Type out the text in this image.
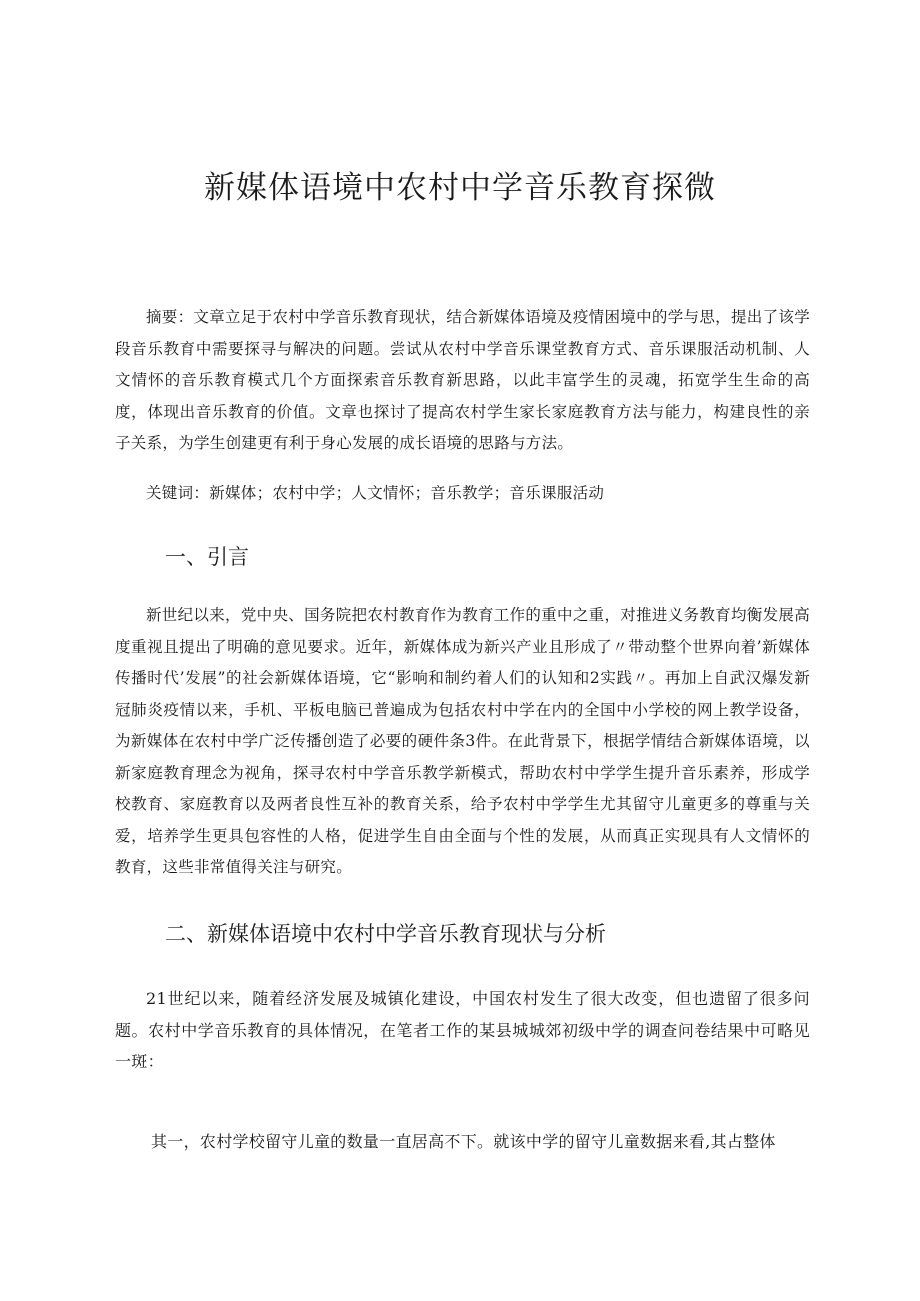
新媒体语境中农村中学音乐教育探微

摘要：文章立足于农村中学音乐教育现状，结合新媒体语境及疫情困境中的学与思，提出了该学段音乐教育中需要探寻与解决的问题。尝试从农村中学音乐课堂教育方式、音乐课服活动机制、人文情怀的音乐教育模式几个方面探索音乐教育新思路，以此丰富学生的灵魂，拓宽学生生命的高度，体现出音乐教育的价值。文章也探讨了提高农村学生家长家庭教育方法与能力，构建良性的亲子关系，为学生创建更有利于身心发展的成长语境的思路与方法。

关键词：新媒体；农村中学；人文情怀；音乐教学；音乐课服活动

一、引言

新世纪以来，党中央、国务院把农村教育作为教育工作的重中之重，对推进义务教育均衡发展高度重视且提出了明确的意见要求。近年，新媒体成为新兴产业且形成了〃带动整个世界向着’新媒体传播时代’发展”的社会新媒体语境，它“影响和制约着人们的认知和2实践〃。再加上自武汉爆发新冠肺炎疫情以来，手机、平板电脑已普遍成为包括农村中学在内的全国中小学校的网上教学设备，为新媒体在农村中学广泛传播创造了必要的硬件条3件。在此背景下，根据学情结合新媒体语境，以新家庭教育理念为视角，探寻农村中学音乐教学新模式，帮助农村中学学生提升音乐素养，形成学校教育、家庭教育以及两者良性互补的教育关系，给予农村中学学生尤其留守儿童更多的尊重与关爱，培养学生更具包容性的人格，促进学生自由全面与个性的发展，从而真正实现具有人文情怀的教育，这些非常值得关注与研究。

二、新媒体语境中农村中学音乐教育现状与分析

21世纪以来，随着经济发展及城镇化建设，中国农村发生了很大改变，但也遗留了很多问题。农村中学音乐教育的具体情况，在笔者工作的某县城城郊初级中学的调查问卷结果中可略见一斑：

其一，农村学校留守儿童的数量一直居高不下。就该中学的留守儿童数据来看,其占整体
